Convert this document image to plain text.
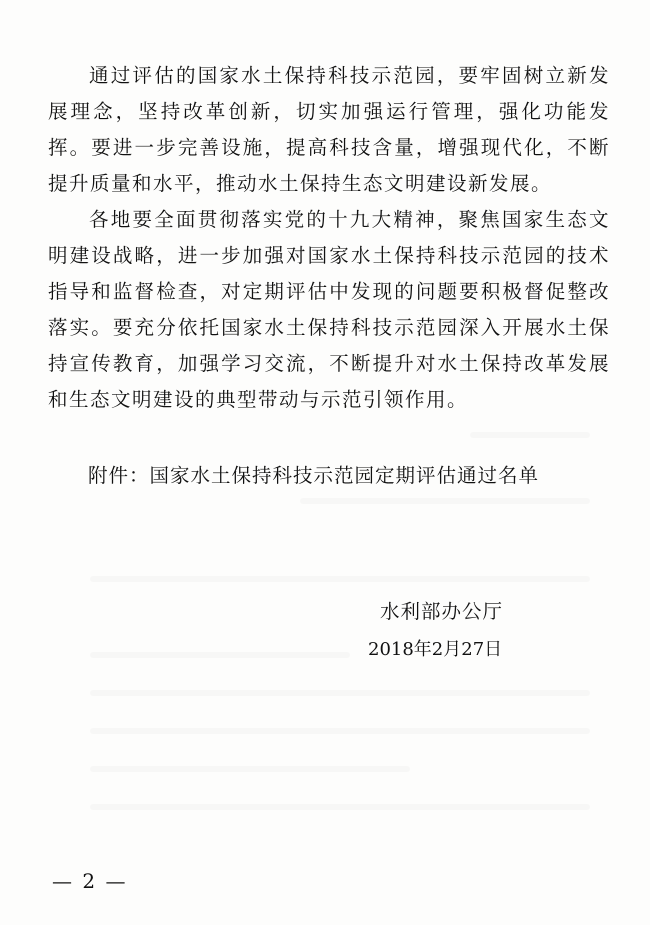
通过评估的国家水土保持科技示范园，要牢固树立新发展理念，坚持改革创新，切实加强运行管理，强化功能发挥。要进一步完善设施，提高科技含量，增强现代化，不断提升质量和水平，推动水土保持生态文明建设新发展。

各地要全面贯彻落实党的十九大精神，聚焦国家生态文明建设战略，进一步加强对国家水土保持科技示范园的技术指导和监督检查，对定期评估中发现的问题要积极督促整改落实。要充分依托国家水土保持科技示范园深入开展水土保持宣传教育，加强学习交流，不断提升对水土保持改革发展和生态文明建设的典型带动与示范引领作用。

附件：国家水土保持科技示范园定期评估通过名单

水利部办公厅
2018年2月27日
— 2 —
